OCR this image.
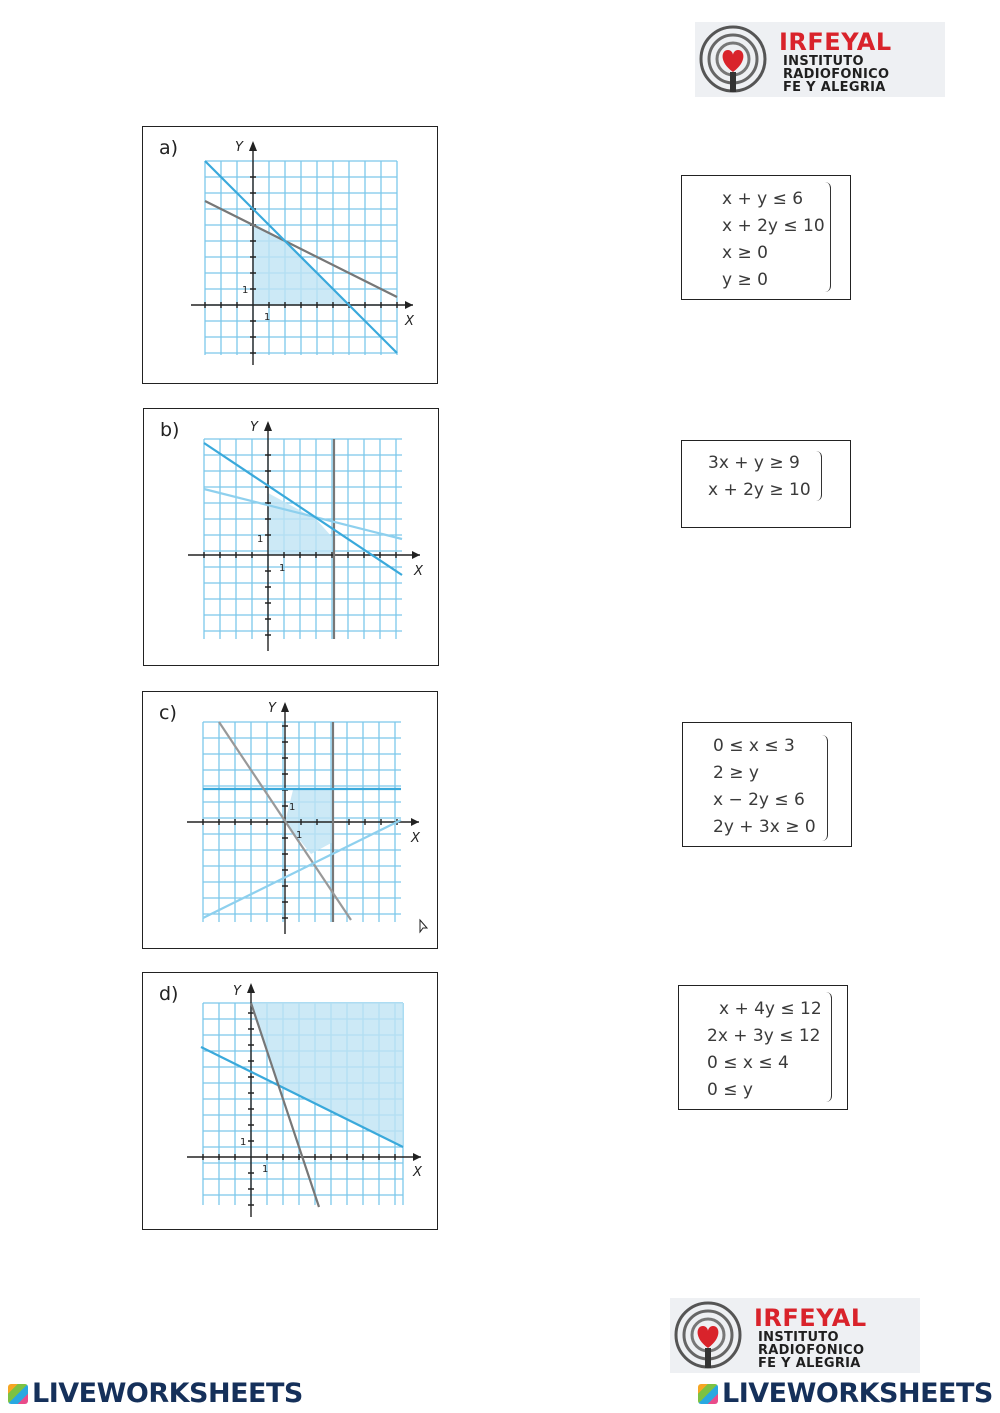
IRFEYAL
INSTITUTO
RADIOFONICO
FE Y ALEGRIA
a)	Y
X
1
1
b)	Y
X
1
1
c)	Y
X
1
1
d)	Y
X
1
1
x + y ≤ 6
x + 2y ≤ 10
x ≥ 0
y ≥ 0
3x + y ≥ 9
x + 2y ≥ 10
0 ≤ x ≤ 3
2 ≥ y
x − 2y ≤ 6
2y + 3x ≥ 0
x + 4y ≤ 12
2x + 3y ≤ 12
0 ≤ x ≤ 4
0 ≤ y
IRFEYAL
INSTITUTO
RADIOFONICO
FE Y ALEGRIA
LIVEWORKSHEETS	LIVEWORKSHEETS
